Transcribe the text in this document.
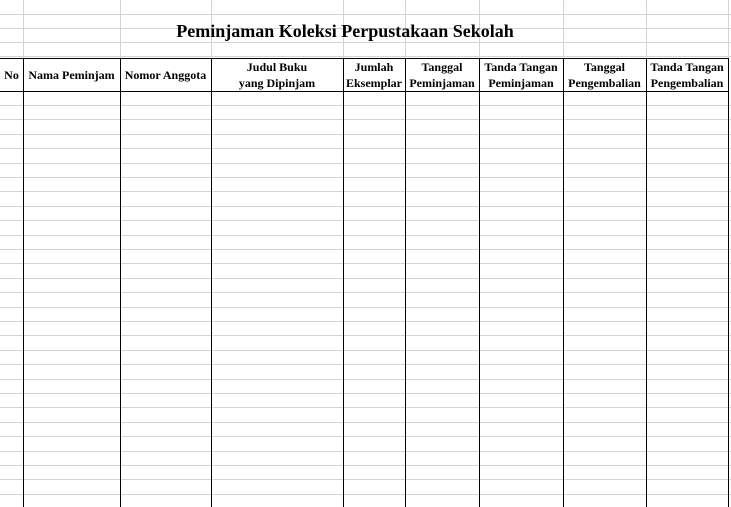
Peminjaman Koleksi Perpustakaan Sekolah
No Nama Peminjam Nomor Anggota
Judul Buku
yang Dipinjam
Jumlah
Eksemplar
Tanggal
Peminjaman
Tanda Tangan
Peminjaman
Tanggal
Pengembalian
Tanda Tangan
Pengembalian
